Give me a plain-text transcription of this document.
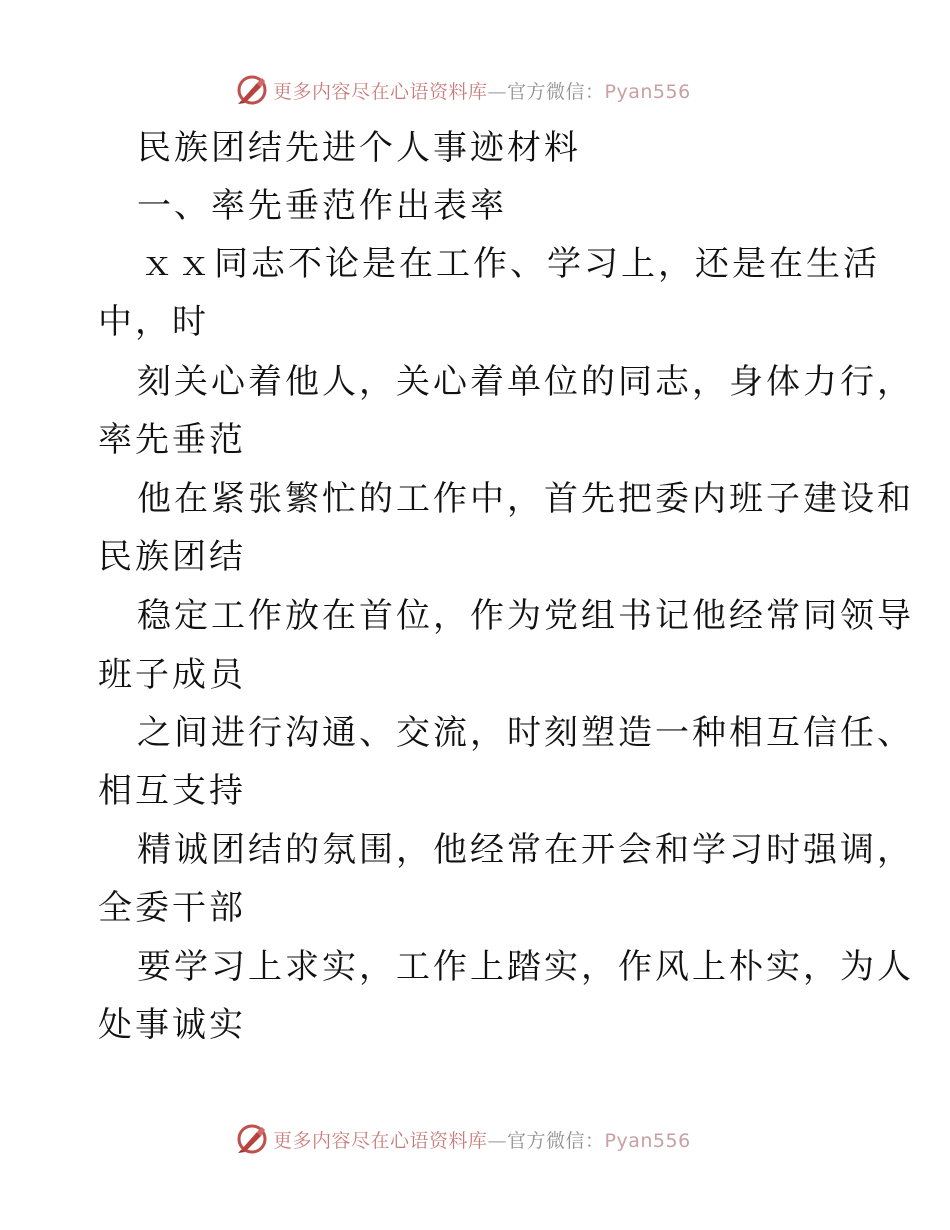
更多内容尽在心语资料库—官方微信：Pyan556
民族团结先进个人事迹材料
一、率先垂范作出表率
ｘｘ同志不论是在工作、学习上，还是在生活
中，时
刻关心着他人，关心着单位的同志，身体力行，
率先垂范
他在紧张繁忙的工作中，首先把委内班子建设和
民族团结
稳定工作放在首位，作为党组书记他经常同领导
班子成员
之间进行沟通、交流，时刻塑造一种相互信任、
相互支持
精诚团结的氛围，他经常在开会和学习时强调，
全委干部
要学习上求实，工作上踏实，作风上朴实，为人
处事诚实
更多内容尽在心语资料库—官方微信：Pyan556
